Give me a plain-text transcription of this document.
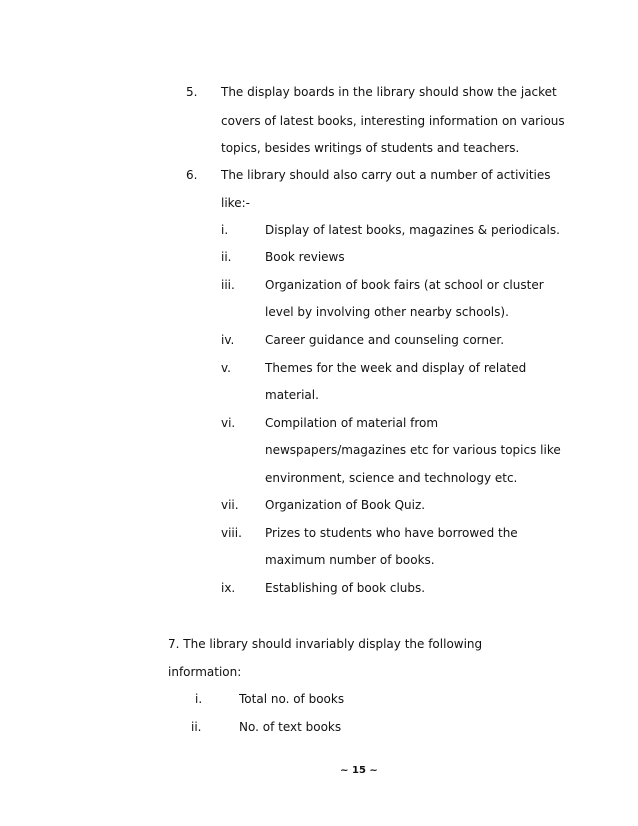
5. The display boards in the library should show the jacket
covers of latest books, interesting information on various
topics, besides writings of students and teachers.
6. The library should also carry out a number of activities
like:-
i.	Display of latest books, magazines & periodicals.
ii.	Book reviews
iii.	Organization of book fairs (at school or cluster
level by involving other nearby schools).
iv.	Career guidance and counseling corner.
v.	Themes for the week and display of related
material.
vi. Compilation of material from
newspapers/magazines etc for various topics like
environment, science and technology etc.
vii. Organization of Book Quiz.
viii. Prizes to students who have borrowed the
maximum number of books.
ix. Establishing of book clubs.
7. The library should invariably display the following
information:
i.	Total no. of books
ii.	No. of text books
~ 15 ~
